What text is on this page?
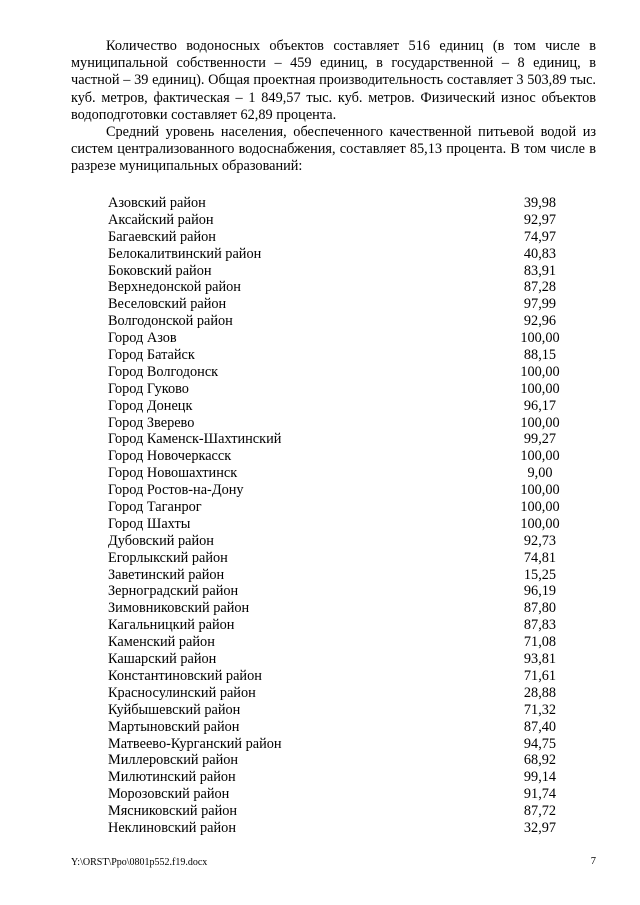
Количество водоносных объектов составляет 516 единиц (в том числе в муниципальной собственности – 459 единиц, в государственной – 8 единиц, в частной – 39 единиц). Общая проектная производительность составляет 3 503,89 тыс. куб. метров, фактическая – 1 849,57 тыс. куб. метров. Физический износ объектов водоподготовки составляет 62,89 процента.

Средний уровень населения, обеспеченного качественной питьевой водой из систем централизованного водоснабжения, составляет 85,13 процента. В том числе в разрезе муниципальных образований:

Азовский район	39,98
Аксайский район	92,97
Багаевский район	74,97
Белокалитвинский район	40,83
Боковский район	83,91
Верхнедонской район	87,28
Веселовский район	97,99
Волгодонской район	92,96
Город Азов	100,00
Город Батайск	88,15
Город Волгодонск	100,00
Город Гуково	100,00
Город Донецк	96,17
Город Зверево	100,00
Город Каменск-Шахтинский	99,27
Город Новочеркасск	100,00
Город Новошахтинск	9,00
Город Ростов-на-Дону	100,00
Город Таганрог	100,00
Город Шахты	100,00
Дубовский район	92,73
Егорлыкский район	74,81
Заветинский район	15,25
Зерноградский район	96,19
Зимовниковский район	87,80
Кагальницкий район	87,83
Каменский район	71,08
Кашарский район	93,81
Константиновский район	71,61
Красносулинский район	28,88
Куйбышевский район	71,32
Мартыновский район	87,40
Матвеево-Курганский район	94,75
Миллеровский район	68,92
Милютинский район	99,14
Морозовский район	91,74
Мясниковский район	87,72
Неклиновский район	32,97
Y:\ORST\Ppo\0801p552.f19.docx	7
